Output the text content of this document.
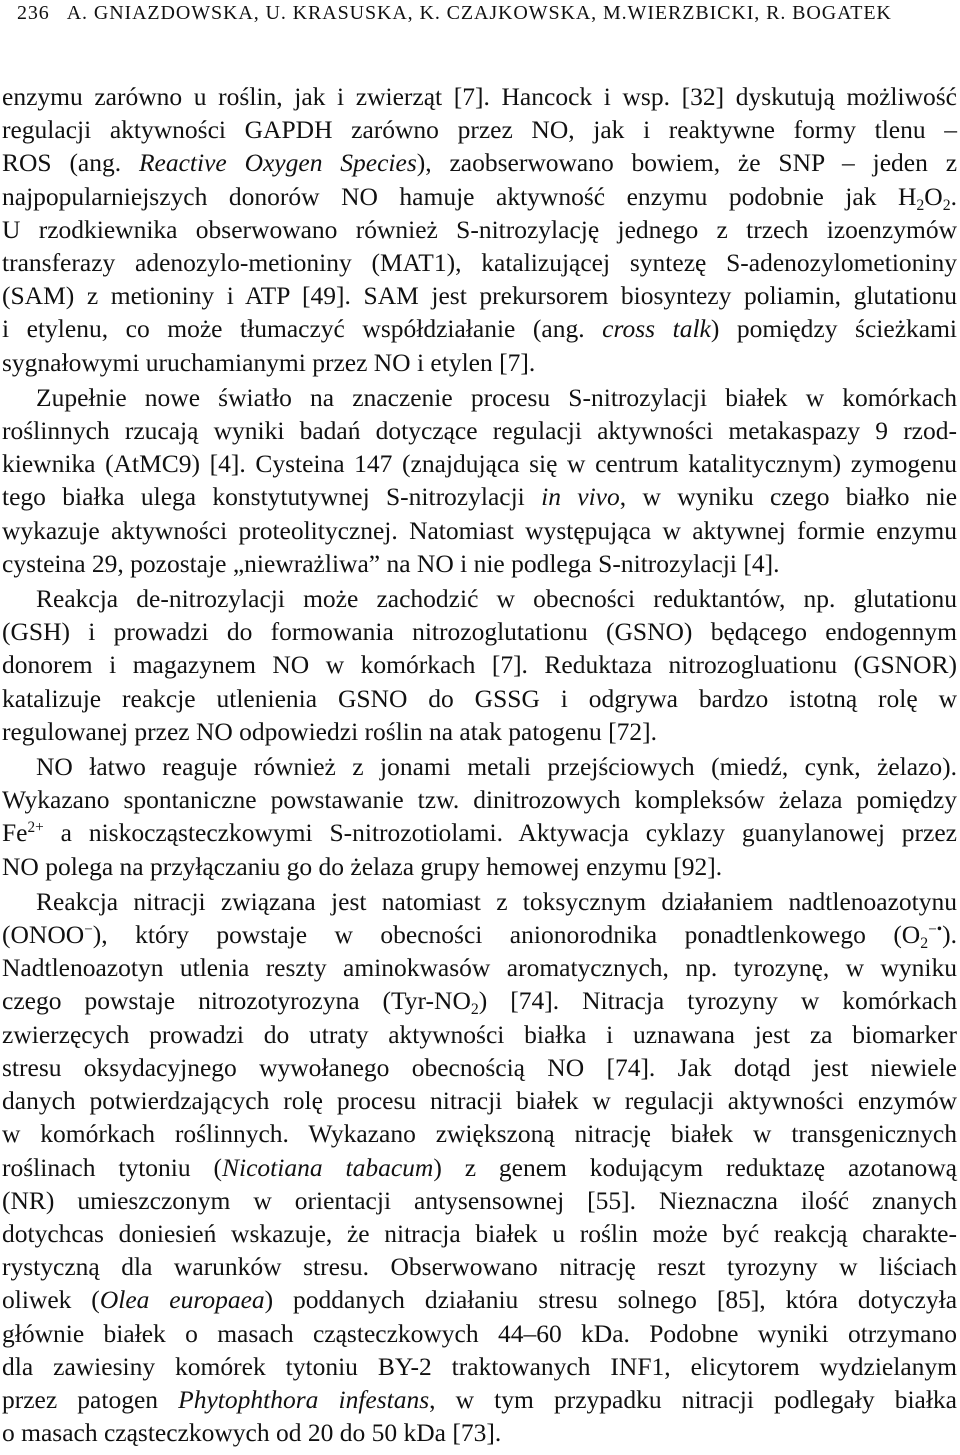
236 A. GNIAZDOWSKA, U. KRASUSKA, K. CZAJKOWSKA, M.WIERZBICKI, R. BOGATEK
enzymu zarówno u roślin, jak i zwierząt [7]. Hancock i wsp. [32] dyskutują możliwość
regulacji aktywności GAPDH zarówno przez NO, jak i reaktywne formy tlenu –
ROS (ang. Reactive Oxygen Species), zaobserwowano bowiem, że SNP – jeden z
najpopularniejszych donorów NO hamuje aktywność enzymu podobnie jak $H_2O_2$.
U rzodkiewnika obserwowano również S-nitrozylację jednego z trzech izoenzymów
transferazy adenozylo-metioniny (MAT1), katalizującej syntezę S-adenozylometioniny
(SAM) z metioniny i ATP [49]. SAM jest prekursorem biosyntezy poliamin, glutationu
i etylenu, co może tłumaczyć współdziałanie (ang. cross talk) pomiędzy ścieżkami
sygnałowymi uruchamianymi przez NO i etylen [7].
Zupełnie nowe światło na znaczenie procesu S-nitrozylacji białek w komórkach
roślinnych rzucają wyniki badań dotyczące regulacji aktywności metakaspazy 9 rzod-
kiewnika (AtMC9) [4]. Cysteina 147 (znajdująca się w centrum katalitycznym) zymogenu
tego białka ulega konstytutywnej S-nitrozylacji in vivo, w wyniku czego białko nie
wykazuje aktywności proteolitycznej. Natomiast występująca w aktywnej formie enzymu
cysteina 29, pozostaje „niewrażliwa” na NO i nie podlega S-nitrozylacji [4].
Reakcja de-nitrozylacji może zachodzić w obecności reduktantów, np. glutationu
(GSH) i prowadzi do formowania nitrozoglutationu (GSNO) będącego endogennym
donorem i magazynem NO w komórkach [7]. Reduktaza nitrozogluationu (GSNOR)
katalizuje reakcje utlenienia GSNO do GSSG i odgrywa bardzo istotną rolę w
regulowanej przez NO odpowiedzi roślin na atak patogenu [72].
NO łatwo reaguje również z jonami metali przejściowych (miedź, cynk, żelazo).
Wykazano spontaniczne powstawanie tzw. dinitrozowych kompleksów żelaza pomiędzy
$Fe^{2+}$ a niskocząsteczkowymi S-nitrozotiolami. Aktywacja cyklazy guanylanowej przez
NO polega na przyłączaniu go do żelaza grupy hemowej enzymu [92].
Reakcja nitracji związana jest natomiast z toksycznym działaniem nadtlenoazotynu
(ONOO−), który powstaje w obecności anionorodnika ponadtlenkowego $(O_2^{-•})$.
Nadtlenoazotyn utlenia reszty aminokwasów aromatycznych, np. tyrozynę, w wyniku
czego powstaje nitrozotyrozyna $(Tyr-NO_2)$ [74]. Nitracja tyrozyny w komórkach
zwierzęcych prowadzi do utraty aktywności białka i uznawana jest za biomarker
stresu oksydacyjnego wywołanego obecnością NO [74]. Jak dotąd jest niewiele
danych potwierdzających rolę procesu nitracji białek w regulacji aktywności enzymów
w komórkach roślinnych. Wykazano zwiększoną nitrację białek w transgenicznych
roślinach tytoniu (Nicotiana tabacum) z genem kodującym reduktazę azotanową
(NR) umieszczonym w orientacji antysensownej [55]. Nieznaczna ilość znanych
dotychcas doniesień wskazuje, że nitracja białek u roślin może być reakcją charakte-
rystyczną dla warunków stresu. Obserwowano nitrację reszt tyrozyny w liściach
oliwek (Olea europaea) poddanych działaniu stresu solnego [85], która dotyczyła
głównie białek o masach cząsteczkowych 44–60 kDa. Podobne wyniki otrzymano
dla zawiesiny komórek tytoniu BY-2 traktowanych INF1, elicytorem wydzielanym
przez patogen Phytophthora infestans, w tym przypadku nitracji podlegały białka
o masach cząsteczkowych od 20 do 50 kDa [73].
